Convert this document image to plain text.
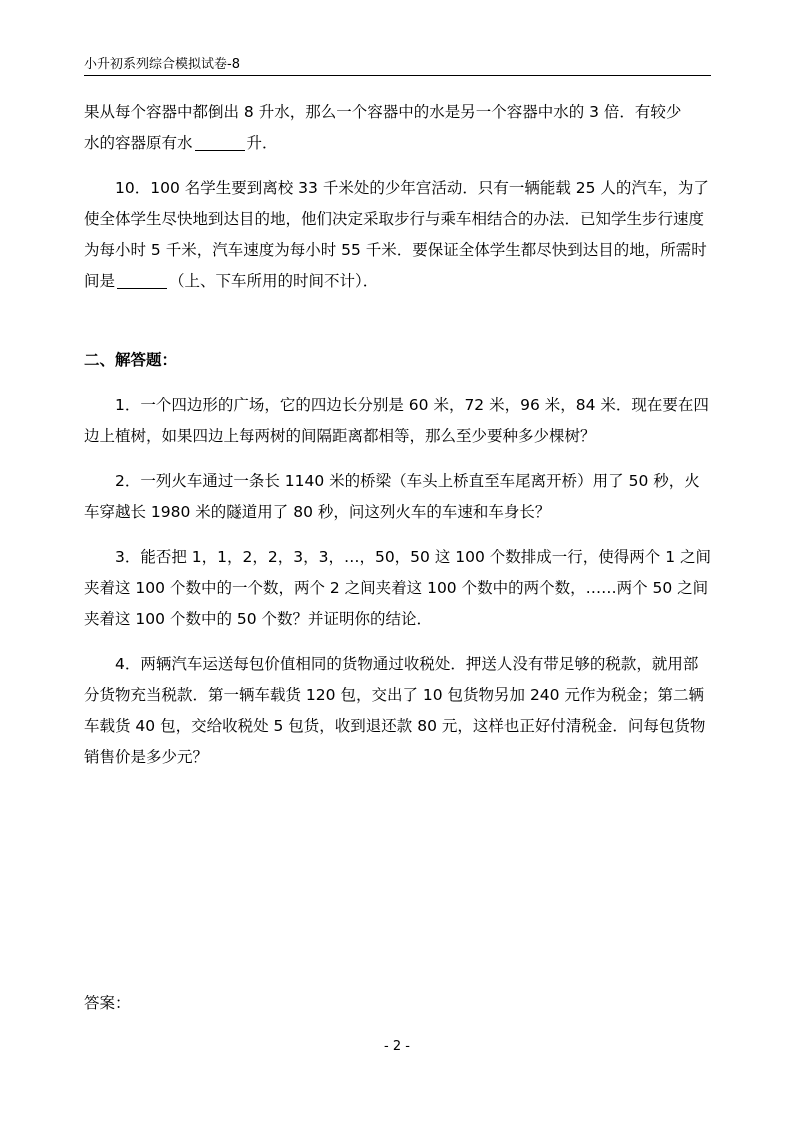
小升初系列综合模拟试卷-8

果从每个容器中都倒出 8 升水，那么一个容器中的水是另一个容器中水的 3 倍．有较少
水的容器原有水	升．

10．100 名学生要到离校 33 千米处的少年宫活动．只有一辆能载 25 人的汽车，为了使全体学生尽快地到达目的地，他们决定采取步行与乘车相结合的办法．已知学生步行速度为每小时 5 千米，汽车速度为每小时 55 千米．要保证全体学生都尽快到达目的地，所需时间是	（上、下车所用的时间不计）．

二、解答题：

1．一个四边形的广场，它的四边长分别是 60 米，72 米，96 米，84 米．现在要在四边上植树，如果四边上每两树的间隔距离都相等，那么至少要种多少棵树？

2．一列火车通过一条长 1140 米的桥梁（车头上桥直至车尾离开桥）用了 50 秒，火车穿越长 1980 米的隧道用了 80 秒，问这列火车的车速和车身长？

3．能否把 1，1，2，2，3，3，…，50，50 这 100 个数排成一行，使得两个 1 之间夹着这 100 个数中的一个数，两个 2 之间夹着这 100 个数中的两个数，……两个 50 之间夹着这 100 个数中的 50 个数？并证明你的结论．

4．两辆汽车运送每包价值相同的货物通过收税处．押送人没有带足够的税款，就用部分货物充当税款．第一辆车载货 120 包，交出了 10 包货物另加 240 元作为税金；第二辆车载货 40 包，交给收税处 5 包货，收到退还款 80 元，这样也正好付清税金．问每包货物销售价是多少元？

答案：
- 2 -
